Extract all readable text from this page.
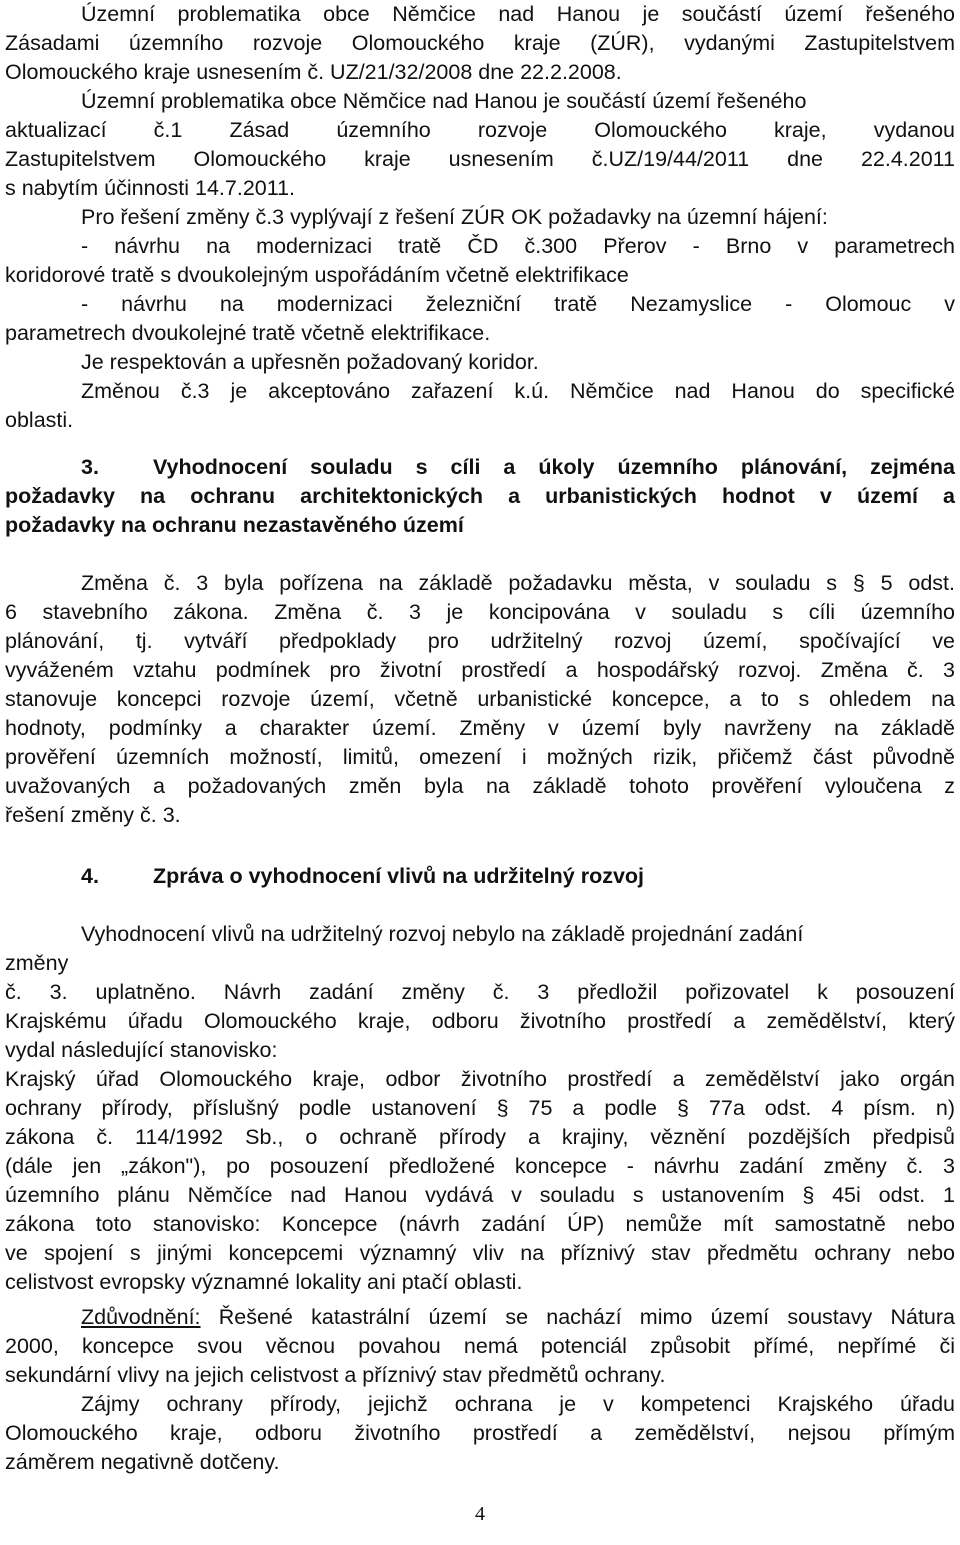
Územní problematika obce Němčice nad Hanou je součástí území řešeného
Zásadami územního rozvoje Olomouckého kraje (ZÚR), vydanými Zastupitelstvem
Olomouckého kraje usnesením č. UZ/21/32/2008 dne 22.2.2008.
Územní problematika obce Němčice nad Hanou je součástí území řešeného
aktualizací č.1 Zásad územního rozvoje Olomouckého kraje, vydanou
Zastupitelstvem Olomouckého kraje usnesením č.UZ/19/44/2011 dne 22.4.2011
s nabytím účinnosti 14.7.2011.
Pro řešení změny č.3 vyplývají z řešení ZÚR OK požadavky na územní hájení:
- návrhu na modernizaci tratě ČD č.300 Přerov - Brno v parametrech
koridorové tratě s dvoukolejným uspořádáním včetně elektrifikace
- návrhu na modernizaci železniční tratě Nezamyslice - Olomouc v
parametrech dvoukolejné tratě včetně elektrifikace.
Je respektován a upřesněn požadovaný koridor.
Změnou č.3 je akceptováno zařazení k.ú. Němčice nad Hanou do specifické
oblasti.
3.	Vyhodnocení souladu s cíli a úkoly územního plánování, zejména
požadavky na ochranu architektonických a urbanistických hodnot v území a
požadavky na ochranu nezastavěného území
Změna č. 3 byla pořízena na základě požadavku města, v souladu s § 5 odst.
6 stavebního zákona. Změna č. 3 je koncipována v souladu s cíli územního
plánování, tj. vytváří předpoklady pro udržitelný rozvoj území, spočívající ve
vyváženém vztahu podmínek pro životní prostředí a hospodářský rozvoj. Změna č. 3
stanovuje koncepci rozvoje území, včetně urbanistické koncepce, a to s ohledem na
hodnoty, podmínky a charakter území. Změny v území byly navrženy na základě
prověření územních možností, limitů, omezení i možných rizik, přičemž část původně
uvažovaných a požadovaných změn byla na základě tohoto prověření vyloučena z
řešení změny č. 3.
4.	Zpráva o vyhodnocení vlivů na udržitelný rozvoj
Vyhodnocení vlivů na udržitelný rozvoj nebylo na základě projednání zadání
změny
č. 3. uplatněno. Návrh zadání změny č. 3 předložil pořizovatel k posouzení
Krajskému úřadu Olomouckého kraje, odboru životního prostředí a zemědělství, který
vydal následující stanovisko:
Krajský úřad Olomouckého kraje, odbor životního prostředí a zemědělství jako orgán
ochrany přírody, příslušný podle ustanovení § 75 a podle § 77a odst. 4 písm. n)
zákona č. 114/1992 Sb., o ochraně přírody a krajiny, věznění pozdějších předpisů
(dále jen „zákon"), po posouzení předložené koncepce - návrhu zadání změny č. 3
územního plánu Němčíce nad Hanou vydává v souladu s ustanovením § 45i odst. 1
zákona toto stanovisko: Koncepce (návrh zadání ÚP) nemůže mít samostatně nebo
ve spojení s jinými koncepcemi významný vliv na příznivý stav předmětu ochrany nebo
celistvost evropsky významné lokality ani ptačí oblasti.
Zdůvodnění: Řešené katastrální území se nachází mimo území soustavy Nátura
2000, koncepce svou věcnou povahou nemá potenciál způsobit přímé, nepřímé či
sekundární vlivy na jejich celistvost a příznivý stav předmětů ochrany.
Zájmy ochrany přírody, jejichž ochrana je v kompetenci Krajského úřadu
Olomouckého kraje, odboru životního prostředí a zemědělství, nejsou přímým
záměrem negativně dotčeny.
4
